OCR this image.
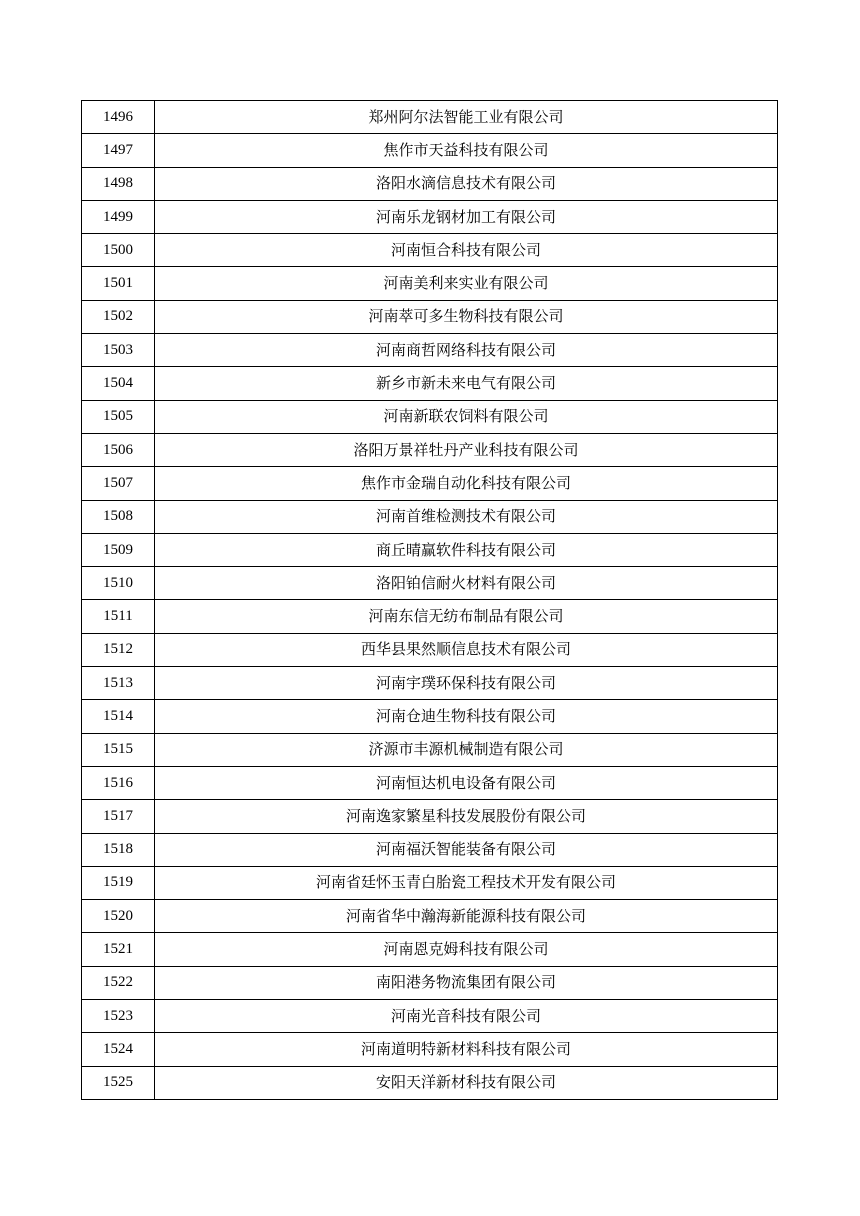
1496	郑州阿尔法智能工业有限公司
1497	焦作市天益科技有限公司
1498	洛阳水滴信息技术有限公司
1499	河南乐龙钢材加工有限公司
1500	河南恒合科技有限公司
1501	河南美利来实业有限公司
1502	河南萃可多生物科技有限公司
1503	河南商哲网络科技有限公司
1504	新乡市新未来电气有限公司
1505	河南新联农饲料有限公司
1506	洛阳万景祥牡丹产业科技有限公司
1507	焦作市金瑞自动化科技有限公司
1508	河南首维检测技术有限公司
1509	商丘晴赢软件科技有限公司
1510	洛阳铂信耐火材料有限公司
1511	河南东信无纺布制品有限公司
1512	西华县果然顺信息技术有限公司
1513	河南宇璞环保科技有限公司
1514	河南仓迪生物科技有限公司
1515	济源市丰源机械制造有限公司
1516	河南恒达机电设备有限公司
1517	河南逸家繁星科技发展股份有限公司
1518	河南福沃智能装备有限公司
1519	河南省廷怀玉青白胎瓷工程技术开发有限公司
1520	河南省华中瀚海新能源科技有限公司
1521	河南恩克姆科技有限公司
1522	南阳港务物流集团有限公司
1523	河南光音科技有限公司
1524	河南道明特新材料科技有限公司
1525	安阳天洋新材科技有限公司
